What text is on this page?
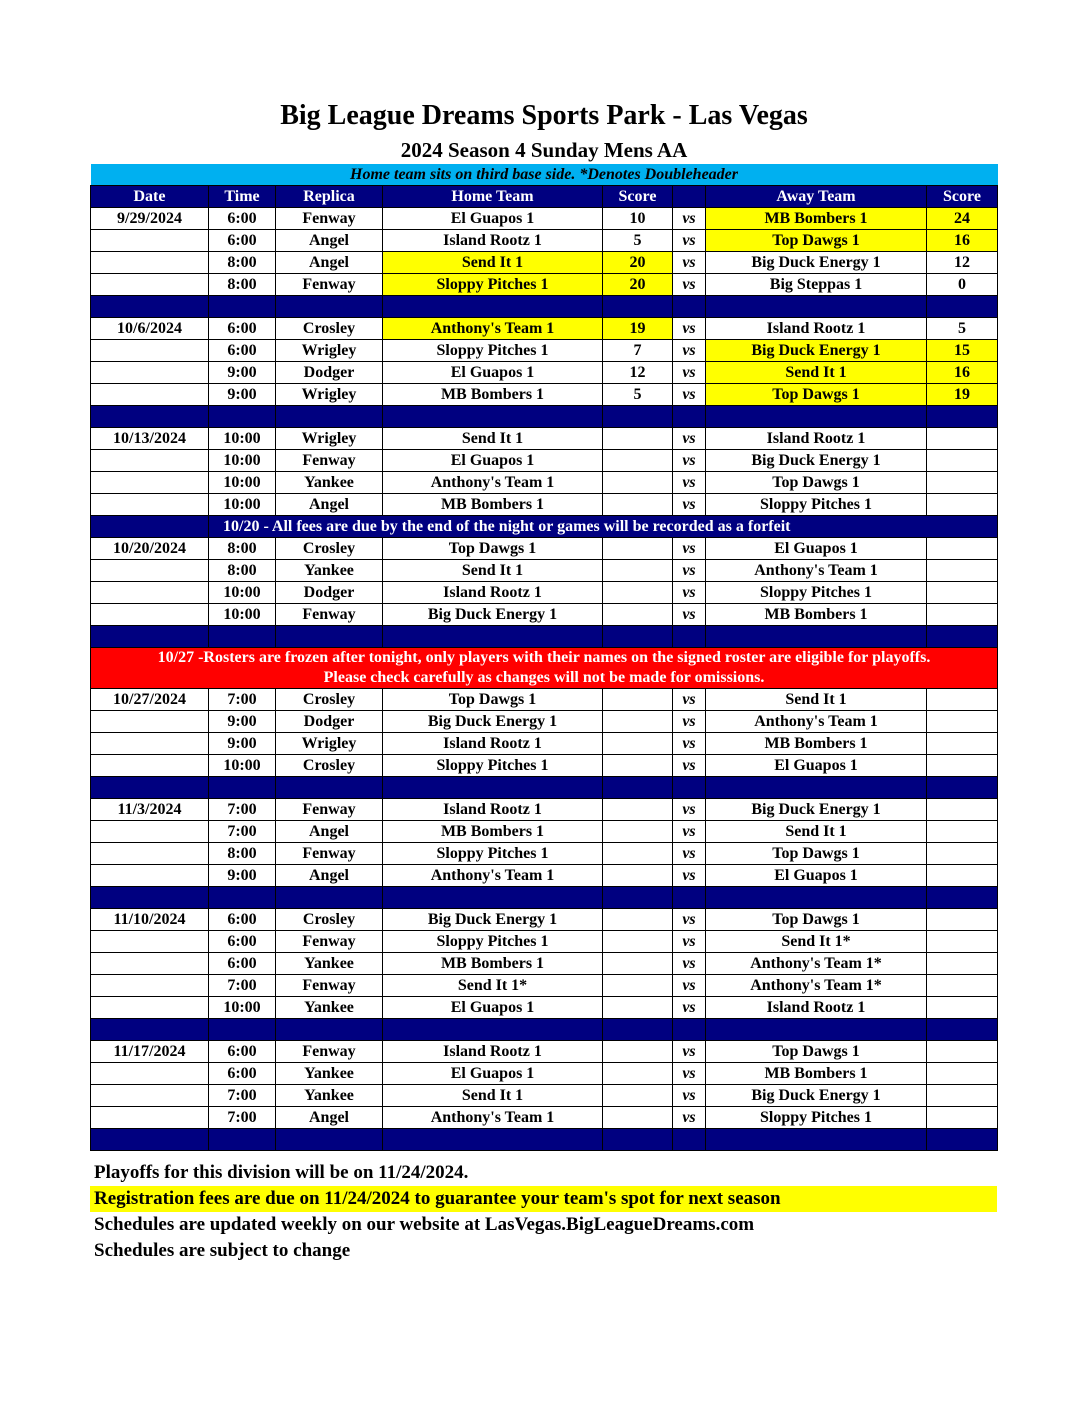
Big League Dreams Sports Park - Las Vegas
2024 Season 4 Sunday Mens AA
Home team sits on third base side. *Denotes Doubleheader							
Date	Time	Replica	Home Team	Score		Away Team	Score
9/29/2024	6:00	Fenway	El Guapos 1	10	vs	MB Bombers 1	24
	6:00	Angel	Island Rootz 1	5	vs	Top Dawgs 1	16
	8:00	Angel	Send It 1	20	vs	Big Duck Energy 1	12
	8:00	Fenway	Sloppy Pitches 1	20	vs	Big Steppas 1	0

10/6/2024	6:00	Crosley	Anthony's Team 1	19	vs	Island Rootz 1	5
	6:00	Wrigley	Sloppy Pitches 1	7	vs	Big Duck Energy 1	15
	9:00	Dodger	El Guapos 1	12	vs	Send It 1	16
	9:00	Wrigley	MB Bombers 1	5	vs	Top Dawgs 1	19

10/13/2024	10:00	Wrigley	Send It 1		vs	Island Rootz 1	
	10:00	Fenway	El Guapos 1		vs	Big Duck Energy 1	
	10:00	Yankee	Anthony's Team 1		vs	Top Dawgs 1	
	10:00	Angel	MB Bombers 1		vs	Sloppy Pitches 1	
	10/20 - All fees are due by the end of the night or games will be recorded as a forfeit						
10/20/2024	8:00	Crosley	Top Dawgs 1		vs	El Guapos 1	
	8:00	Yankee	Send It 1		vs	Anthony's Team 1	
	10:00	Dodger	Island Rootz 1		vs	Sloppy Pitches 1	
	10:00	Fenway	Big Duck Energy 1		vs	MB Bombers 1	

10/27 -Rosters are frozen after tonight, only players with their names on the signed roster are eligible for playoffs.
Please check carefully as changes will not be made for omissions.							

10/27/2024	7:00	Crosley	Top Dawgs 1		vs	Send It 1	
	9:00	Dodger	Big Duck Energy 1		vs	Anthony's Team 1	
	9:00	Wrigley	Island Rootz 1		vs	MB Bombers 1	
	10:00	Crosley	Sloppy Pitches 1		vs	El Guapos 1	

11/3/2024	7:00	Fenway	Island Rootz 1		vs	Big Duck Energy 1	
	7:00	Angel	MB Bombers 1		vs	Send It 1	
	8:00	Fenway	Sloppy Pitches 1		vs	Top Dawgs 1	
	9:00	Angel	Anthony's Team 1		vs	El Guapos 1	

11/10/2024	6:00	Crosley	Big Duck Energy 1		vs	Top Dawgs 1	
	6:00	Fenway	Sloppy Pitches 1		vs	Send It 1*	
	6:00	Yankee	MB Bombers 1		vs	Anthony's Team 1*	
	7:00	Fenway	Send It 1*		vs	Anthony's Team 1*	
	10:00	Yankee	El Guapos 1		vs	Island Rootz 1	

11/17/2024	6:00	Fenway	Island Rootz 1		vs	Top Dawgs 1	
	6:00	Yankee	El Guapos 1		vs	MB Bombers 1	
	7:00	Yankee	Send It 1		vs	Big Duck Energy 1	
	7:00	Angel	Anthony's Team 1		vs	Sloppy Pitches 1	

Playoffs for this division will be on 11/24/2024.
Registration fees are due on 11/24/2024 to guarantee your team's spot for next season
Schedules are updated weekly on our website at LasVegas.BigLeagueDreams.com
Schedules are subject to change
